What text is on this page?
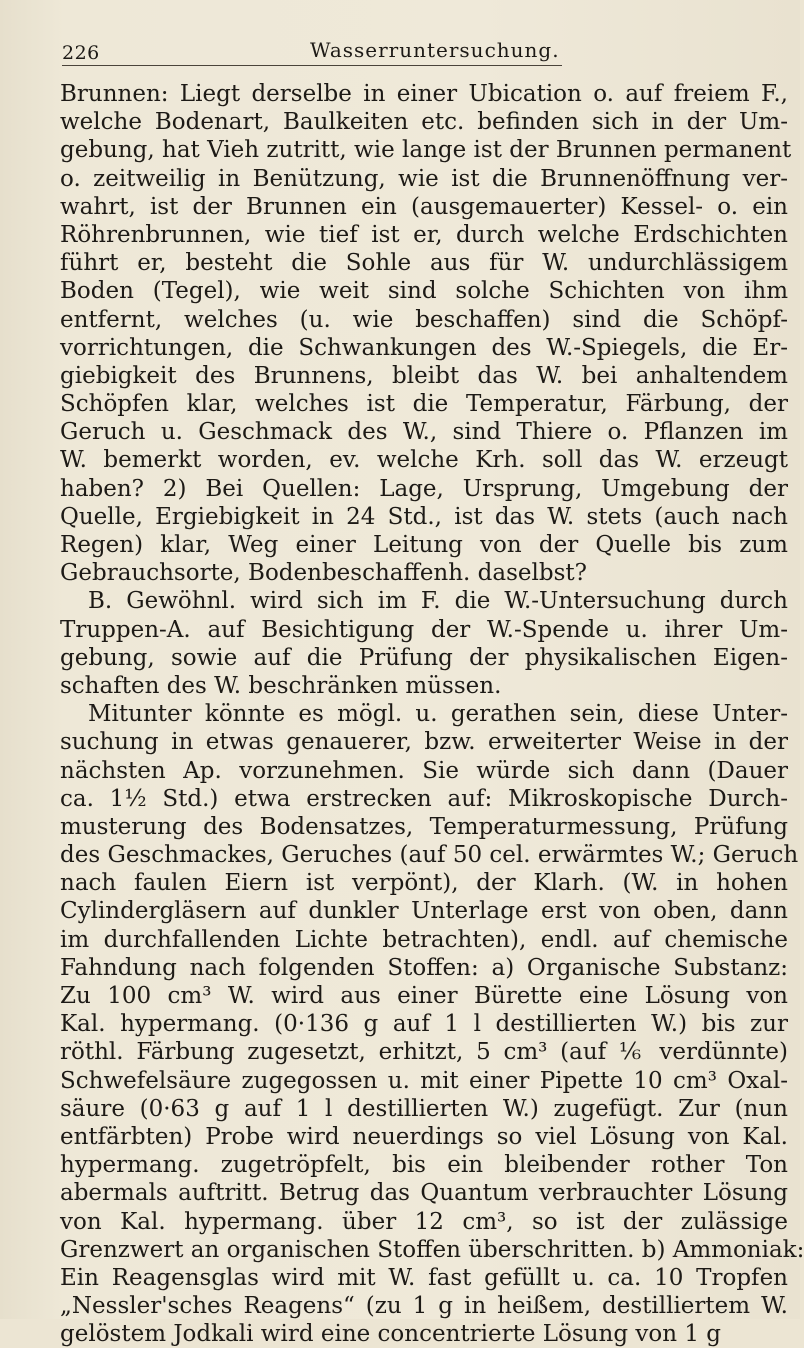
226	Wasserruntersuchung.
Brunnen: Liegt derselbe in einer Ubication o. auf freiem F.,
welche Bodenart, Baulkeiten etc. befinden sich in der Um-
gebung, hat Vieh zutritt, wie lange ist der Brunnen permanent
o. zeitweilig in Benützung, wie ist die Brunnenöffnung ver-
wahrt, ist der Brunnen ein (ausgemauerter) Kessel- o. ein
Röhrenbrunnen, wie tief ist er, durch welche Erdschichten
führt er, besteht die Sohle aus für W. undurchlässigem
Boden (Tegel), wie weit sind solche Schichten von ihm
entfernt, welches (u. wie beschaffen) sind die Schöpf-
vorrichtungen, die Schwankungen des W.-Spiegels, die Er-
giebigkeit des Brunnens, bleibt das W. bei anhaltendem
Schöpfen klar, welches ist die Temperatur, Färbung, der
Geruch u. Geschmack des W., sind Thiere o. Pflanzen im
W. bemerkt worden, ev. welche Krh. soll das W. erzeugt
haben? 2) Bei Quellen: Lage, Ursprung, Umgebung der
Quelle, Ergiebigkeit in 24 Std., ist das W. stets (auch nach
Regen) klar, Weg einer Leitung von der Quelle bis zum
Gebrauchsorte, Bodenbeschaffenh. daselbst?
B. Gewöhnl. wird sich im F. die W.-Untersuchung durch
Truppen-A. auf Besichtigung der W.-Spende u. ihrer Um-
gebung, sowie auf die Prüfung der physikalischen Eigen-
schaften des W. beschränken müssen.
Mitunter könnte es mögl. u. gerathen sein, diese Unter-
suchung in etwas genauerer, bzw. erweiterter Weise in der
nächsten Ap. vorzunehmen. Sie würde sich dann (Dauer
ca. 1½ Std.) etwa erstrecken auf: Mikroskopische Durch-
musterung des Bodensatzes, Temperaturmessung, Prüfung
des Geschmackes, Geruches (auf 50 cel. erwärmtes W.; Geruch
nach faulen Eiern ist verpönt), der Klarh. (W. in hohen
Cylindergläsern auf dunkler Unterlage erst von oben, dann
im durchfallenden Lichte betrachten), endl. auf chemische
Fahndung nach folgenden Stoffen: a) Organische Substanz:
Zu 100 cm³ W. wird aus einer Bürette eine Lösung von
Kal. hypermang. (0·136 g auf 1 l destillierten W.) bis zur
röthl. Färbung zugesetzt, erhitzt, 5 cm³ (auf ⅙ verdünnte)
Schwefelsäure zugegossen u. mit einer Pipette 10 cm³ Oxal-
säure (0·63 g auf 1 l destillierten W.) zugefügt. Zur (nun
entfärbten) Probe wird neuerdings so viel Lösung von Kal.
hypermang. zugetröpfelt, bis ein bleibender rother Ton
abermals auftritt. Betrug das Quantum verbrauchter Lösung
von Kal. hypermang. über 12 cm³, so ist der zulässige
Grenzwert an organischen Stoffen überschritten. b) Ammoniak:
Ein Reagensglas wird mit W. fast gefüllt u. ca. 10 Tropfen
„Nessler'sches Reagens“ (zu 1 g in heißem, destilliertem W.
gelöstem Jodkali wird eine concentrierte Lösung von 1 g
